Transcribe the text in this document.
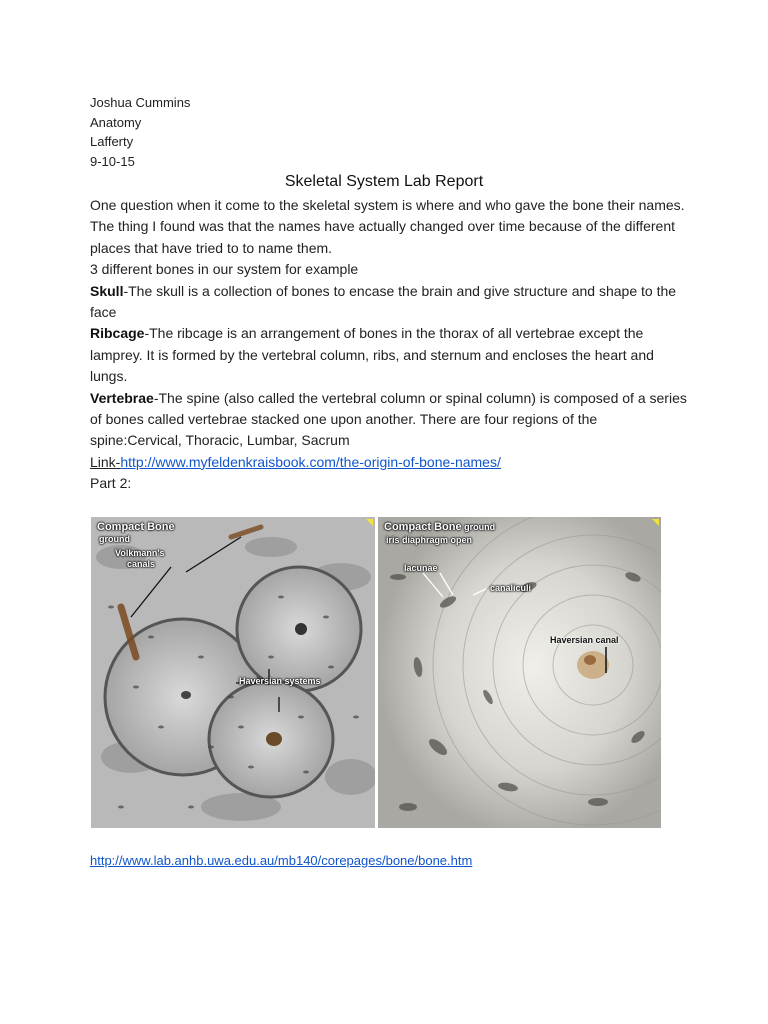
Joshua Cummins
Anatomy
Lafferty
9-10-15
Skeletal System Lab Report

One question when it come to the skeletal system is where and who gave the bone their names.

The thing I found was that the names have actually changed over time because of the different places that have tried to to name them.

3 different bones in our system for example

Skull-The skull is a collection of bones to encase the brain and give structure and shape to the face

Ribcage-The ribcage is an arrangement of bones in the thorax of all vertebrae except the lamprey. It is formed by the vertebral column, ribs, and sternum and encloses the heart and lungs.

Vertebrae-The spine (also called the vertebral column or spinal column) is composed of a series of bones called vertebrae stacked one upon another. There are four regions of the spine:Cervical, Thoracic, Lumbar, Sacrum

Link-http://www.myfeldenkraisbook.com/the-origin-of-bone-names/

Part 2:

Compact Bone
ground
Volkmann's
canals
Haversian systems
Compact Bone ground
iris diaphragm open
lacunae
canaliculi
Haversian canal
http://www.lab.anhb.uwa.edu.au/mb140/corepages/bone/bone.htm
